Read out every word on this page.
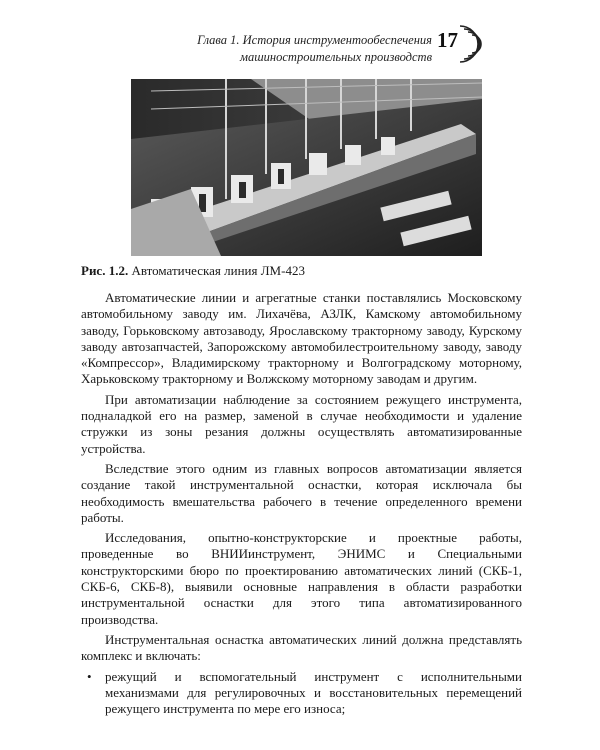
Глава 1. История инструментообеспечения
машиностроительных производств
17
Рис. 1.2. Автоматическая линия ЛМ-423

Автоматические линии и агрегатные станки поставлялись Московскому автомобильному заводу им. Лихачёва, АЗЛК, Камскому автомобильному заводу, Горьковскому автозаводу, Ярославскому тракторному заводу, Курскому заводу автозапчастей, Запорожскому автомобилестроительному заводу, заводу «Компрессор», Владимирскому тракторному и Волгоградскому моторному, Харьковскому тракторному и Волжскому моторному заводам и другим.

При автоматизации наблюдение за состоянием режущего инструмента, подналадкой его на размер, заменой в случае необходимости и удаление стружки из зоны резания должны осуществлять автоматизированные устройства.

Вследствие этого одним из главных вопросов автоматизации является создание такой инструментальной оснастки, которая исключала бы необходимость вмешательства рабочего в течение определенного времени работы.

Исследования, опытно-конструкторские и проектные работы, проведенные во ВНИИинструмент, ЭНИМС и Специальными конструкторскими бюро по проектированию автоматических линий (СКБ-1, СКБ-6, СКБ-8), выявили основные направления в области разработки инструментальной оснастки для этого типа автоматизированного производства.

Инструментальная оснастка автоматических линий должна представлять комплекс и включать:

• режущий и вспомогательный инструмент с исполнительными механизмами для регулировочных и восстановительных перемещений режущего инструмента по мере его износа;
